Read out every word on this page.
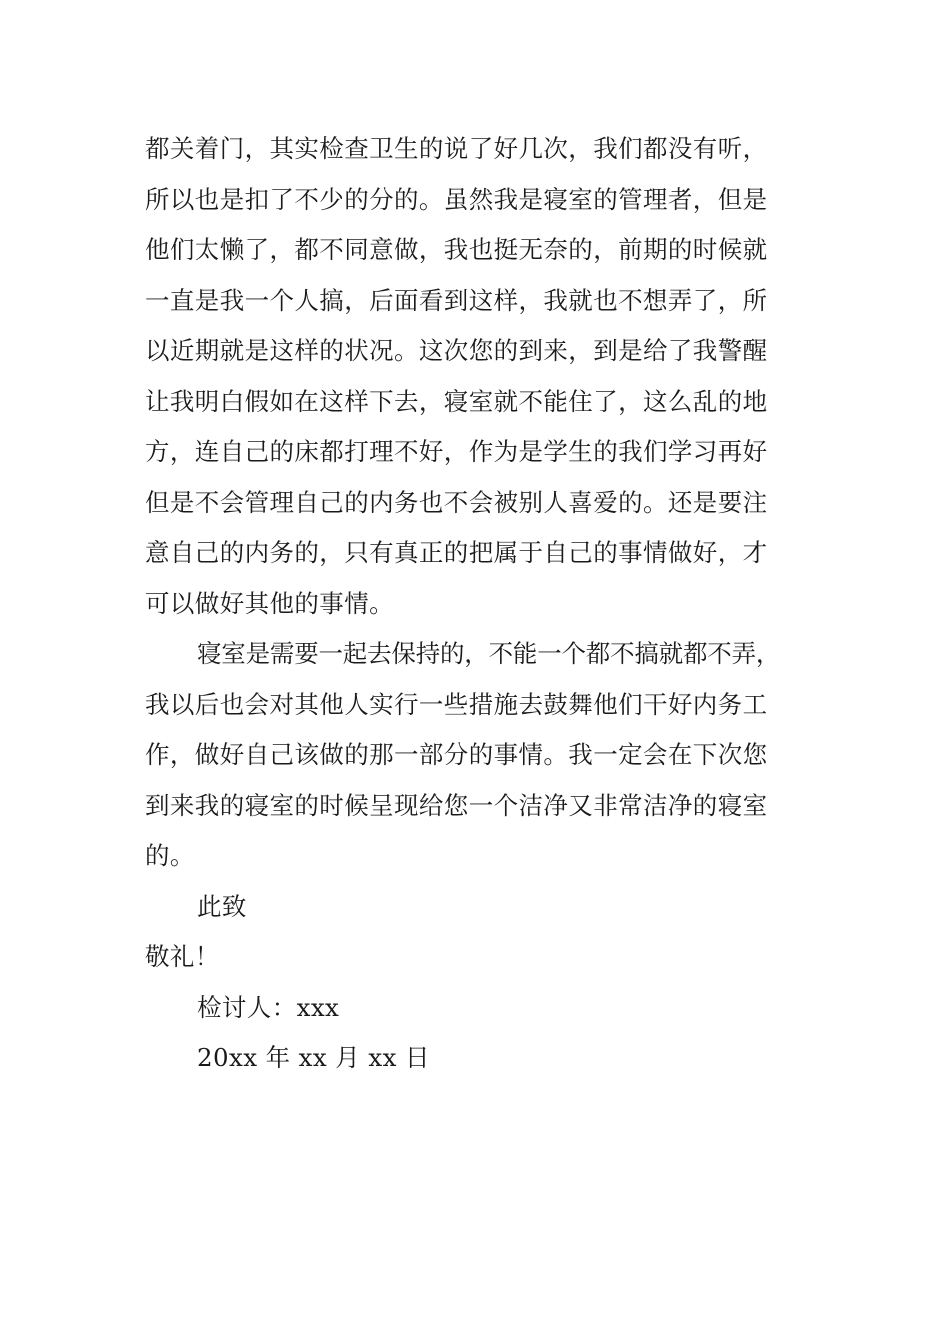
都关着门，其实检查卫生的说了好几次，我们都没有听，
所以也是扣了不少的分的。虽然我是寝室的管理者，但是
他们太懒了，都不同意做，我也挺无奈的，前期的时候就
一直是我一个人搞，后面看到这样，我就也不想弄了，所
以近期就是这样的状况。这次您的到来，到是给了我警醒
让我明白假如在这样下去，寝室就不能住了，这么乱的地
方，连自己的床都打理不好，作为是学生的我们学习再好
但是不会管理自己的内务也不会被别人喜爱的。还是要注
意自己的内务的，只有真正的把属于自己的事情做好，才
可以做好其他的事情。
寝室是需要一起去保持的，不能一个都不搞就都不弄，
我以后也会对其他人实行一些措施去鼓舞他们干好内务工
作，做好自己该做的那一部分的事情。我一定会在下次您
到来我的寝室的时候呈现给您一个洁净又非常洁净的寝室
的。
此致
敬礼！
检讨人：xxx
20xx 年 xx 月 xx 日
